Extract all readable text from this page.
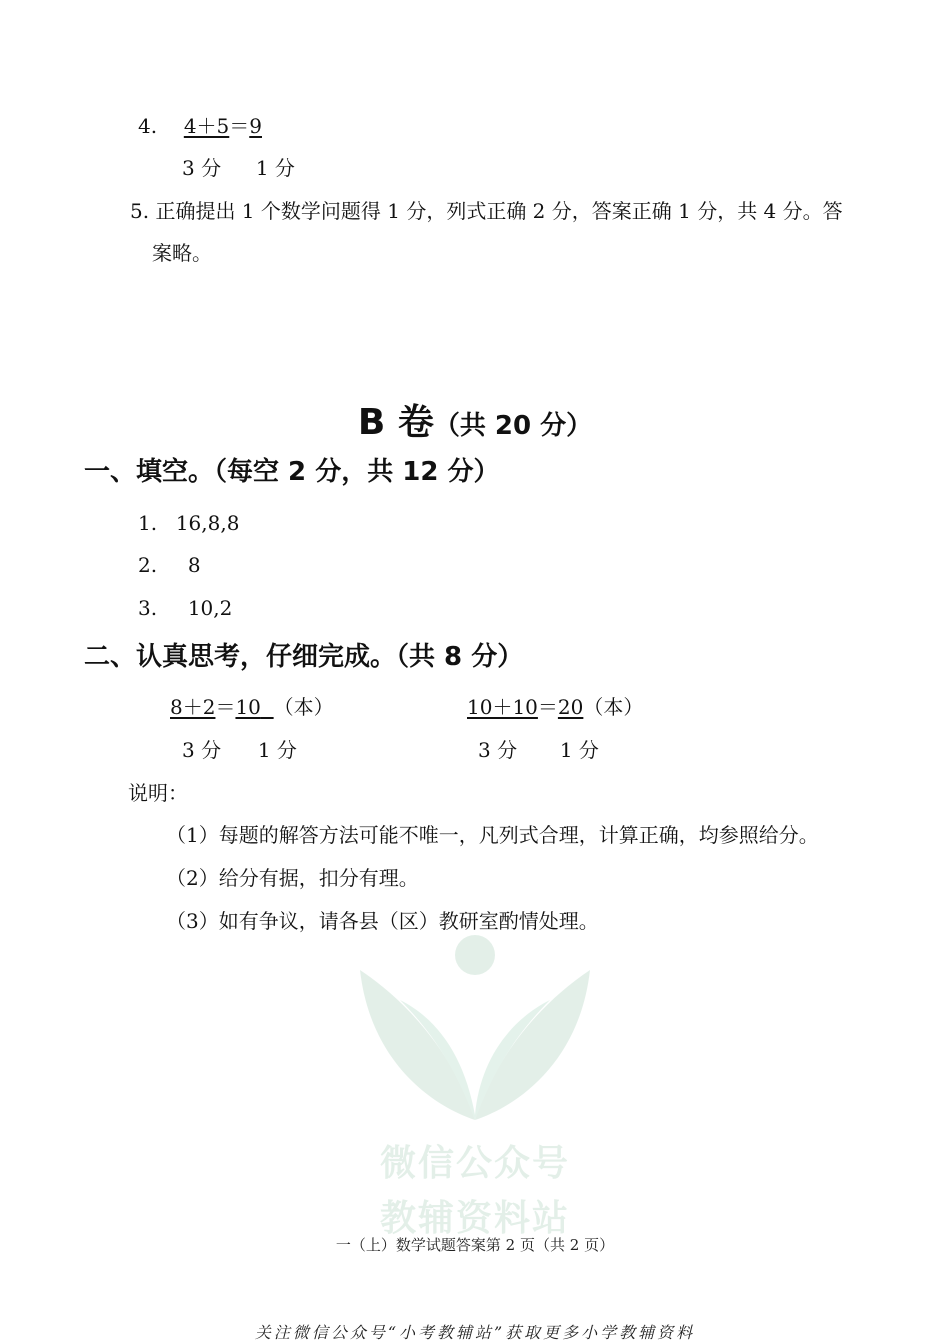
4. 4＋5＝9
3 分 1 分
5. 正确提出 1 个数学问题得 1 分，列式正确 2 分，答案正确 1 分，共 4 分。答
案略。
B 卷（共 20 分）
一、填空。（每空 2 分，共 12 分）
1. 16,8,8
2. 8
3. 10,2
二、认真思考，仔细完成。（共 8 分）
8＋2＝10 （本）	10＋10＝20（本）
3 分 1 分	3 分 1 分
说明：
（1）每题的解答方法可能不唯一，凡列式合理，计算正确，均参照给分。
（2）给分有据，扣分有理。
（3）如有争议，请各县（区）教研室酌情处理。
微信公众号
教辅资料站
一（上）数学试题答案第 2 页（共 2 页）
关注微信公众号“小考教辅站”获取更多小学教辅资料
